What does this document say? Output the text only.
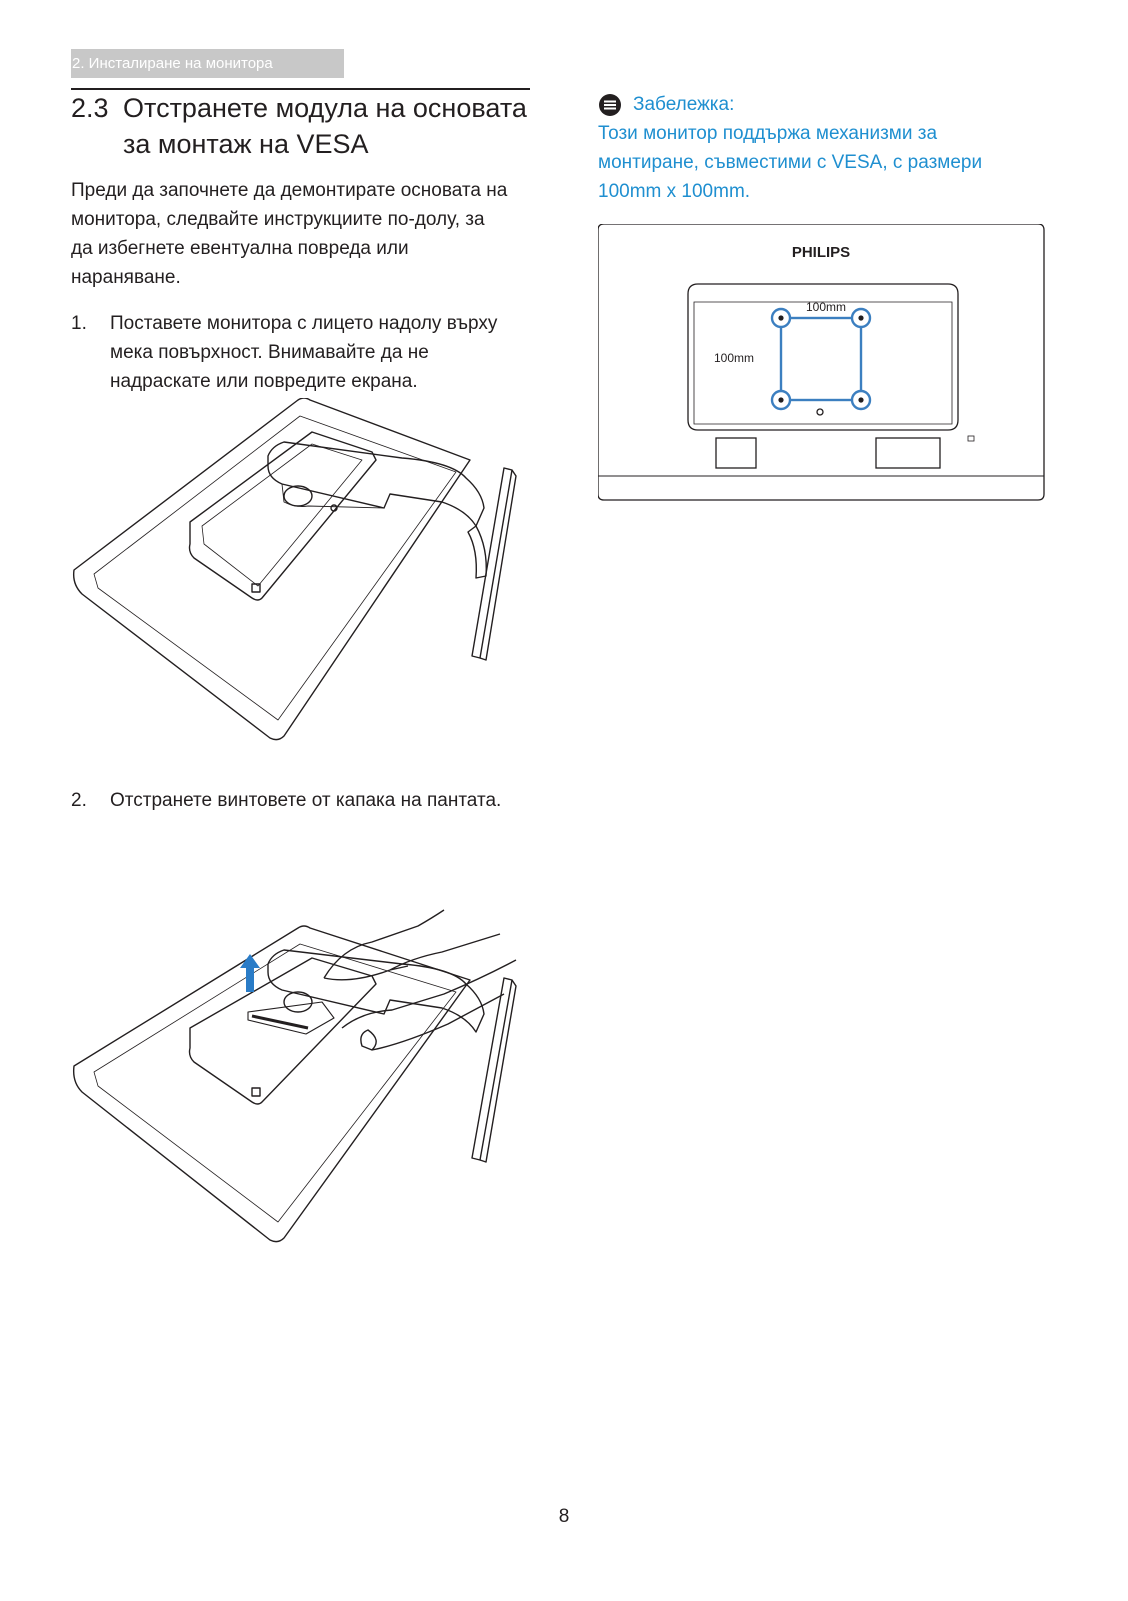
2. Инсталиране на монитора
2.3 Отстранете модула на основата за монтаж на VESA
Преди да започнете да демонтирате основата на монитора, следвайте инструкциите по-долу, за да избегнете евентуална повреда или нараняване.
1.	Поставете монитора с лицето надолу върху мека повърхност. Внимавайте да не надраскате или повредите екрана.
2.	Отстранете винтовете от капака на пантата.
Забележка:
Този монитор поддържа механизми за монтиране, съвместими с VESA, с размери 100mm x 100mm.
PHILIPS
100mm
100mm
8
